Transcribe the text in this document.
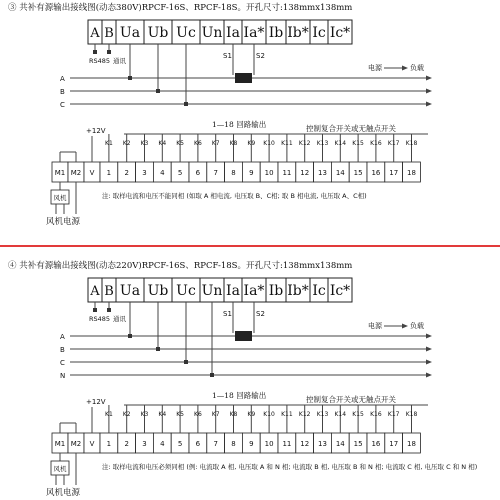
③ 共补有源输出接线图(动态380V)RPCF-16S、RPCF-18S。开孔尺寸:138mmx138mm
A B Ua Ub Uc Un Ia Ia* Ib Ib* Ic Ic*
RS485 通讯
A
B
C
S1	S2
电源	负载
1—18 回路输出	控制复合开关或无触点开关
M1 M2 V 1 2 3 4 5 6 7 8 9 10 11 12 13 14 15 16 17 18
+12V
K1 K2 K3 K4 K5 K6 K7 K8 K9 K10 K11 K12 K13 K14 K15 K16 K17 K18
风机
风机电源
注: 取样电流和电压不能同相 (如取 A 相电流, 电压取 B、C相; 取 B 相电流, 电压取 A、C相)
④ 共补有源输出接线图(动态220V)RPCF-16S、RPCF-18S。开孔尺寸:138mmx138mm
A B Ua Ub Uc Un Ia Ia* Ib Ib* Ic Ic*
RS485 通讯
A
B
C
N
S1	S2
电源	负载
1—18 回路输出	控制复合开关或无触点开关
M1 M2 V 1 2 3 4 5 6 7 8 9 10 11 12 13 14 15 16 17 18
+12V
K1 K2 K3 K4 K5 K6 K7 K8 K9 K10 K11 K12 K13 K14 K15 K16 K17 K18
风机
风机电源
注: 取样电流和电压必须同相 (例: 电流取 A 相, 电压取 A 和 N 相; 电流取 B 相, 电压取 B 和 N 相; 电流取 C 相, 电压取 C 和 N 相)
